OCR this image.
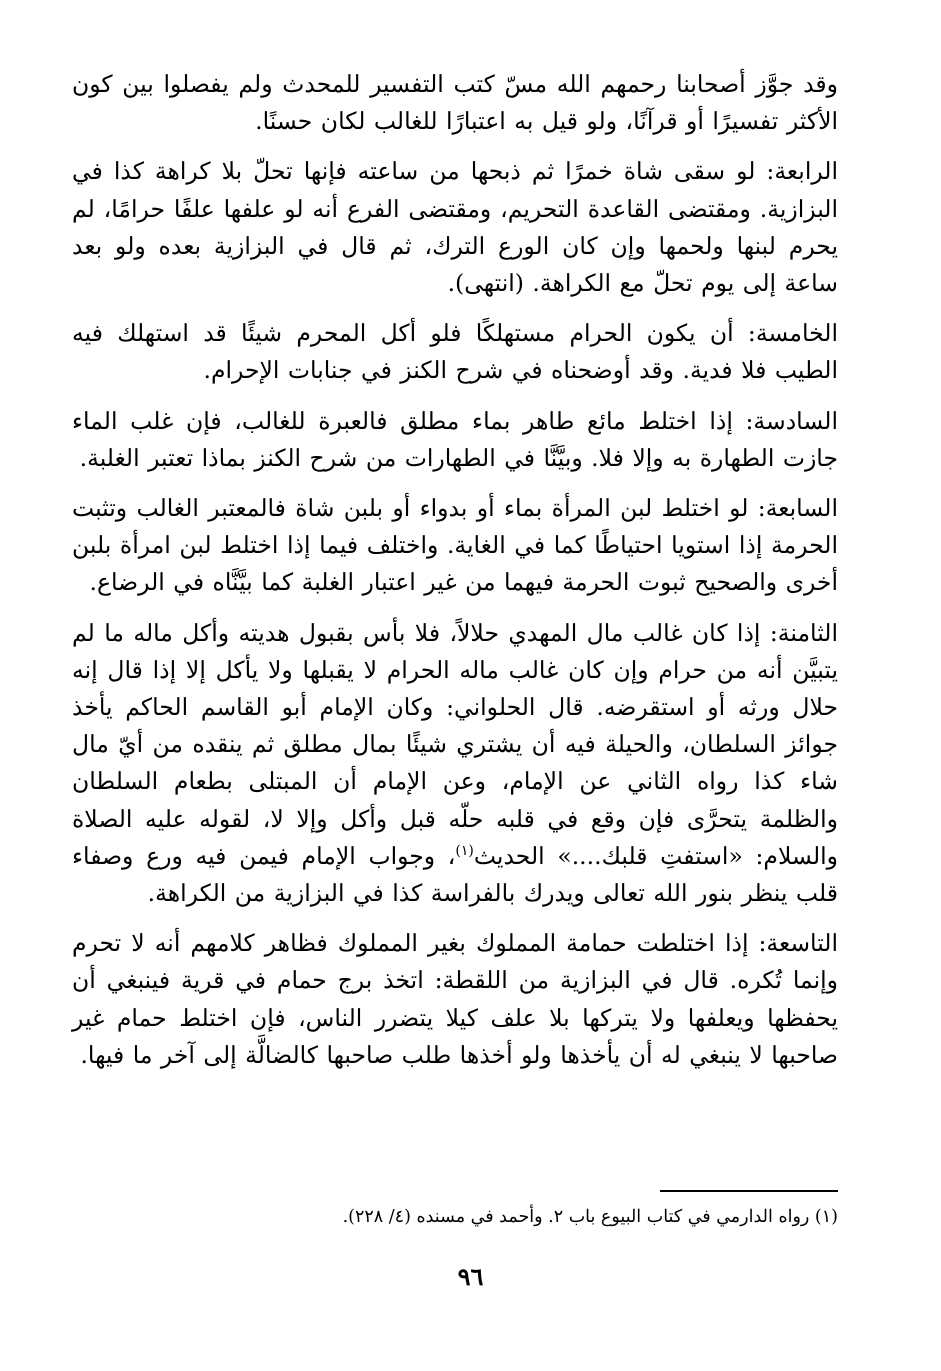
وقد جوَّز أصحابنا رحمهم الله مسّ كتب التفسير للمحدث ولم يفصلوا بين كون الأكثر تفسيرًا أو قرآنًا، ولو قيل به اعتبارًا للغالب لكان حسنًا.

الرابعة: لو سقى شاة خمرًا ثم ذبحها من ساعته فإنها تحلّ بلا كراهة كذا في البزازية. ومقتضى القاعدة التحريم، ومقتضى الفرع أنه لو علفها علفًا حرامًا، لم يحرم لبنها ولحمها وإن كان الورع الترك، ثم قال في البزازية بعده ولو بعد ساعة إلى يوم تحلّ مع الكراهة. (انتهى).

الخامسة: أن يكون الحرام مستهلكًا فلو أكل المحرم شيئًا قد استهلك فيه الطيب فلا فدية. وقد أوضحناه في شرح الكنز في جنابات الإحرام.

السادسة: إذا اختلط مائع طاهر بماء مطلق فالعبرة للغالب، فإن غلب الماء جازت الطهارة به وإلا فلا. وبيَّنَّا في الطهارات من شرح الكنز بماذا تعتبر الغلبة.

السابعة: لو اختلط لبن المرأة بماء أو بدواء أو بلبن شاة فالمعتبر الغالب وتثبت الحرمة إذا استويا احتياطًا كما في الغاية. واختلف فيما إذا اختلط لبن امرأة بلبن أخرى والصحيح ثبوت الحرمة فيهما من غير اعتبار الغلبة كما بيَّنَّاه في الرضاع.

الثامنة: إذا كان غالب مال المهدي حلالاً، فلا بأس بقبول هديته وأكل ماله ما لم يتبيَّن أنه من حرام وإن كان غالب ماله الحرام لا يقبلها ولا يأكل إلا إذا قال إنه حلال ورثه أو استقرضه. قال الحلواني: وكان الإمام أبو القاسم الحاكم يأخذ جوائز السلطان، والحيلة فيه أن يشتري شيئًا بمال مطلق ثم ينقده من أيّ مال شاء كذا رواه الثاني عن الإمام، وعن الإمام أن المبتلى بطعام السلطان والظلمة يتحرَّى فإن وقع في قلبه حلّه قبل وأكل وإلا لا، لقوله عليه الصلاة والسلام: «استفتِ قلبك....» الحديث$^{(١)}$، وجواب الإمام فيمن فيه ورع وصفاء قلب ينظر بنور الله تعالى ويدرك بالفراسة كذا في البزازية من الكراهة.

التاسعة: إذا اختلطت حمامة المملوك بغير المملوك فظاهر كلامهم أنه لا تحرم وإنما تُكره. قال في البزازية من اللقطة: اتخذ برج حمام في قرية فينبغي أن يحفظها ويعلفها ولا يتركها بلا علف كيلا يتضرر الناس، فإن اختلط حمام غير صاحبها لا ينبغي له أن يأخذها ولو أخذها طلب صاحبها كالضالَّة إلى آخر ما فيها.

(١) رواه الدارمي في كتاب البيوع باب ٢. وأحمد في مسنده (٤/ ٢٢٨).
٩٦
